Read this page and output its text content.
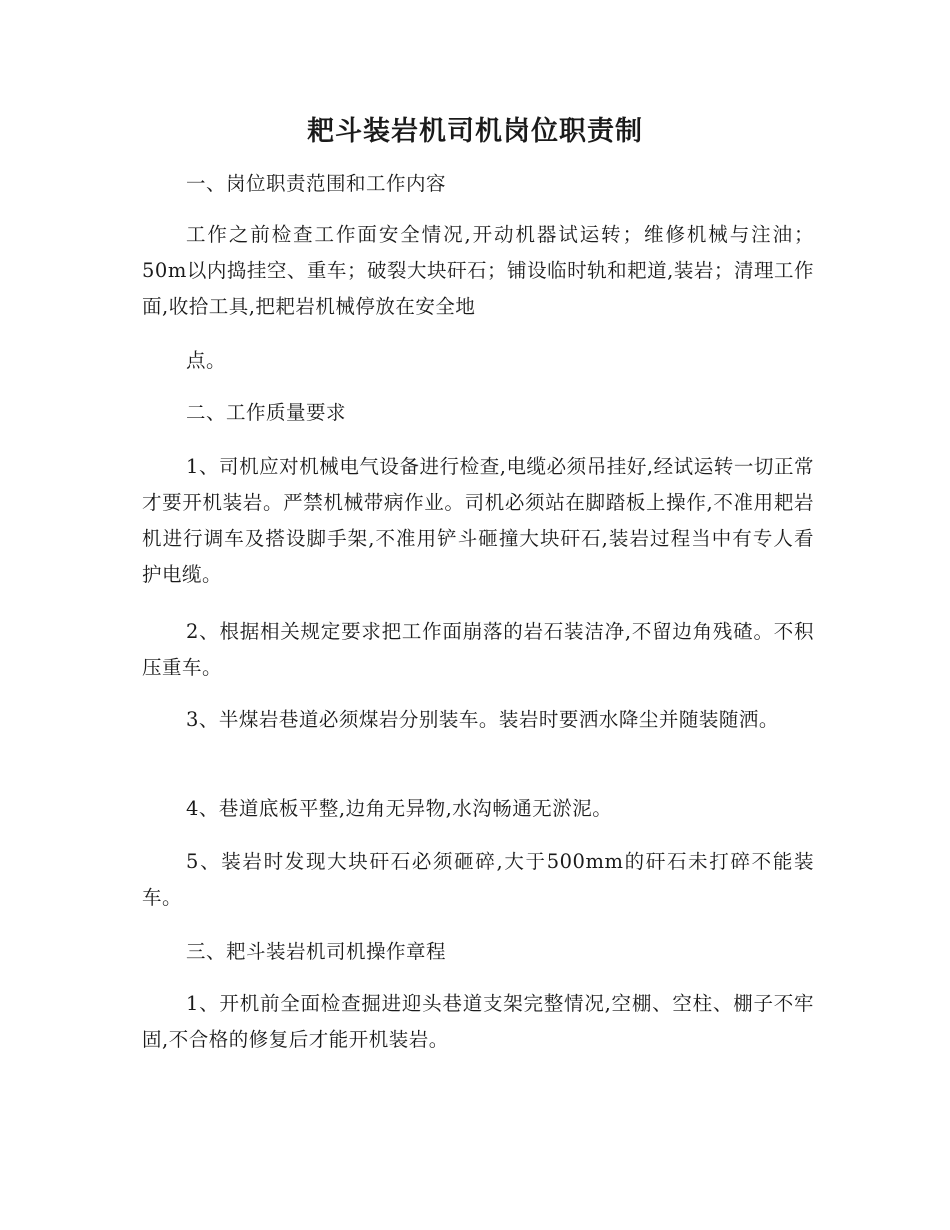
耙斗装岩机司机岗位职责制
一、岗位职责范围和工作内容
工作之前检查工作面安全情况,开动机器试运转；维修机械与注油；50m以内捣挂空、重车；破裂大块矸石；铺设临时轨和耙道,装岩；清理工作面,收拾工具,把耙岩机械停放在安全地
点。
二、工作质量要求
1、司机应对机械电气设备进行检查,电缆必须吊挂好,经试运转一切正常才要开机装岩。严禁机械带病作业。司机必须站在脚踏板上操作,不准用耙岩机进行调车及搭设脚手架,不准用铲斗砸撞大块矸石,装岩过程当中有专人看护电缆。
2、根据相关规定要求把工作面崩落的岩石装洁净,不留边角残碴。不积压重车。
3、半煤岩巷道必须煤岩分别装车。装岩时要洒水降尘并随装随洒。
4、巷道底板平整,边角无异物,水沟畅通无淤泥。
5、装岩时发现大块矸石必须砸碎,大于500mm的矸石未打碎不能装车。
三、耙斗装岩机司机操作章程
1、开机前全面检查掘进迎头巷道支架完整情况,空棚、空柱、棚子不牢固,不合格的修复后才能开机装岩。
